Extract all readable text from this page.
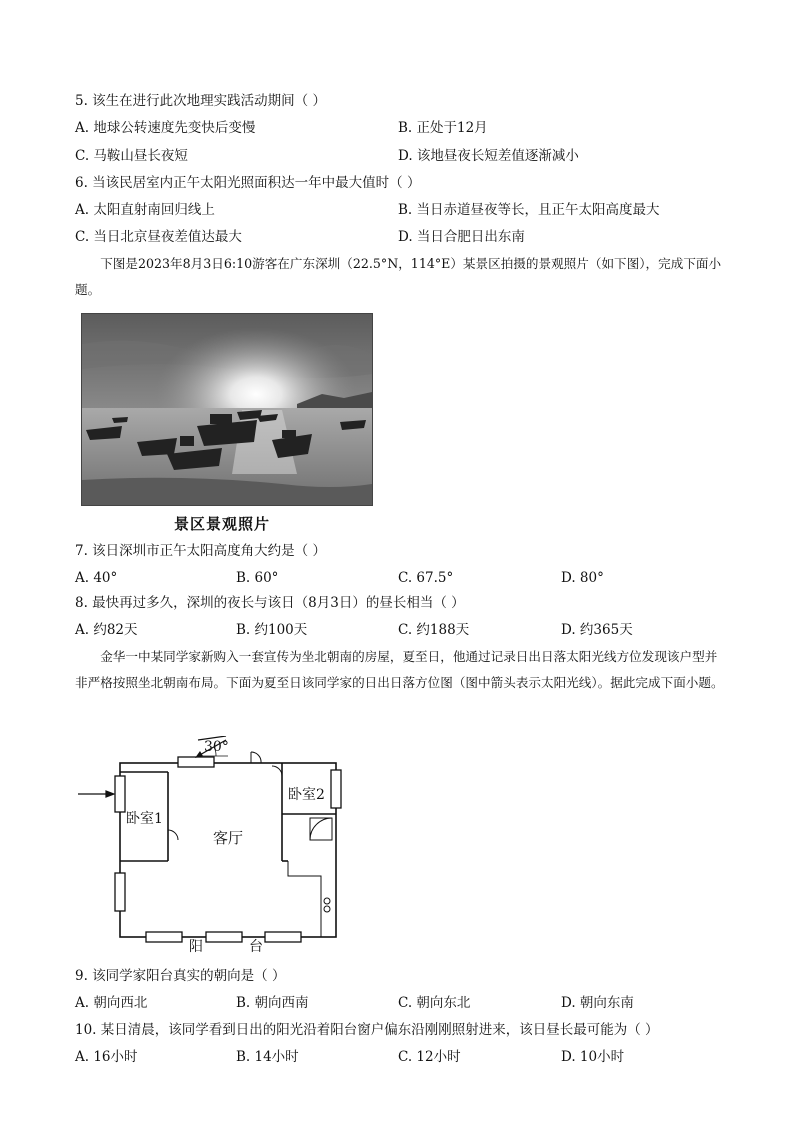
5. 该生在进行此次地理实践活动期间（ ）
A. 地球公转速度先变快后变慢	B. 正处于12月
C. 马鞍山昼长夜短	D. 该地昼夜长短差值逐渐减小
6. 当该民居室内正午太阳光照面积达一年中最大值时（ ）
A. 太阳直射南回归线上	B. 当日赤道昼夜等长，且正午太阳高度最大
C. 当日北京昼夜差值达最大	D. 当日合肥日出东南
下图是2023年8月3日6:10游客在广东深圳（22.5°N，114°E）某景区拍摄的景观照片（如下图），完成下面小题。
景区景观照片
7. 该日深圳市正午太阳高度角大约是（ ）
A. 40°	B. 60°	C. 67.5°	D. 80°
8. 最快再过多久，深圳的夜长与该日（8月3日）的昼长相当（ ）
A. 约82天	B. 约100天	C. 约188天	D. 约365天
金华一中某同学家新购入一套宣传为坐北朝南的房屋，夏至日，他通过记录日出日落太阳光线方位发现该户型并非严格按照坐北朝南布局。下面为夏至日该同学家的日出日落方位图（图中箭头表示太阳光线）。据此完成下面小题。
30°
卧室1
卧室2
客厅
阳	台
9. 该同学家阳台真实的朝向是（ ）
A. 朝向西北	B. 朝向西南	C. 朝向东北	D. 朝向东南
10. 某日清晨，该同学看到日出的阳光沿着阳台窗户偏东沿刚刚照射进来，该日昼长最可能为（ ）
A. 16小时	B. 14小时	C. 12小时	D. 10小时
